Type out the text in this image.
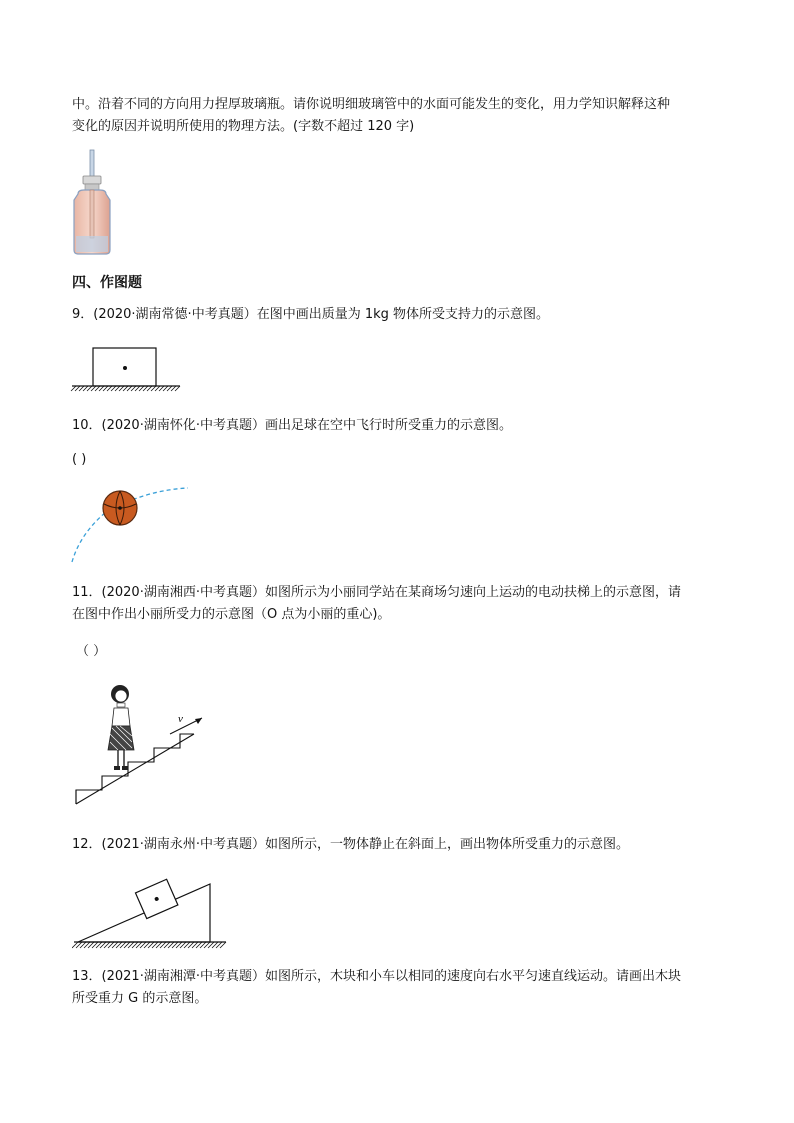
中。沿着不同的方向用力捏厚玻璃瓶。请你说明细玻璃管中的水面可能发生的变化，用力学知识解释这种
变化的原因并说明所使用的物理方法。(字数不超过 120 字)
四、作图题
9．(2020·湖南常德·中考真题）在图中画出质量为 1kg 物体所受支持力的示意图。
10．(2020·湖南怀化·中考真题）画出足球在空中飞行时所受重力的示意图。
( )
11．(2020·湖南湘西·中考真题）如图所示为小丽同学站在某商场匀速向上运动的电动扶梯上的示意图，请
在图中作出小丽所受力的示意图（O 点为小丽的重心)。
（ ）
v
12．(2021·湖南永州·中考真题）如图所示，一物体静止在斜面上，画出物体所受重力的示意图。
13．(2021·湖南湘潭·中考真题）如图所示，木块和小车以相同的速度向右水平匀速直线运动。请画出木块
所受重力 G 的示意图。
